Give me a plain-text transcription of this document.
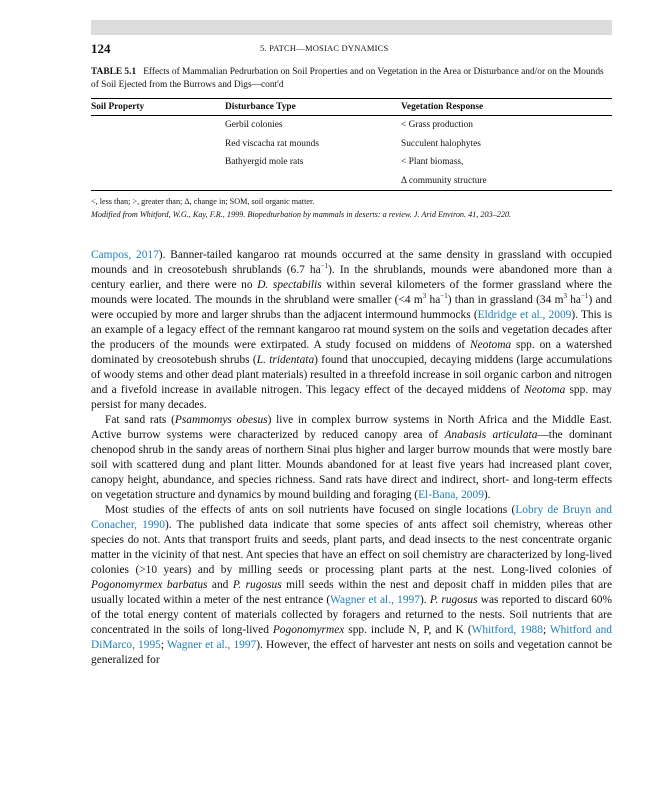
124	5. PATCH—MOSIAC DYNAMICS
TABLE 5.1 Effects of Mammalian Pedrurbation on Soil Properties and on Vegetation in the Area or Disturbance and/or on the Mounds of Soil Ejected from the Burrows and Digs—cont'd
Soil Property	Disturbance Type	Vegetation Response
	Gerbil colonies	< Grass production
	Red viscacha rat mounds	Succulent halophytes
	Bathyergid mole rats	< Plant biomass,
		Δ community structure
<, less than; >, greater than; Δ, change in; SOM, soil organic matter.
Modified from Whitford, W.G., Kay, F.R., 1999. Biopedturbation by mammals in deserts: a review. J. Arid Environ. 41, 203–220.

Campos, 2017). Banner-tailed kangaroo rat mounds occurred at the same density in grassland with occupied mounds and in creosotebush shrublands (6.7 $ha^{-1}$). In the shrublands, mounds were abandoned more than a century earlier, and there were no D. spectabilis within several kilometers of the former grassland where the mounds were located. The mounds in the shrubland were smaller (<4 $m^3$ $ha^{-1}$) than in grassland (34 $m^3$ $ha^{-1}$) and were occupied by more and larger shrubs than the adjacent intermound hummocks (Eldridge et al., 2009). This is an example of a legacy effect of the remnant kangaroo rat mound system on the soils and vegetation decades after the producers of the mounds were extirpated. A study focused on middens of Neotoma spp. on a watershed dominated by creosotebush shrubs (L. tridentata) found that unoccupied, decaying middens (large accumulations of woody stems and other dead plant materials) resulted in a threefold increase in soil organic carbon and nitrogen and a fivefold increase in available nitrogen. This legacy effect of the decayed middens of Neotoma spp. may persist for many decades.

Fat sand rats (Psammomys obesus) live in complex burrow systems in North Africa and the Middle East. Active burrow systems were characterized by reduced canopy area of Anabasis articulata—the dominant chenopod shrub in the sandy areas of northern Sinai plus higher and larger burrow mounds that were mostly bare soil with scattered dung and plant litter. Mounds abandoned for at least five years had increased plant cover, canopy height, abundance, and species richness. Sand rats have direct and indirect, short- and long-term effects on vegetation structure and dynamics by mound building and foraging (El-Bana, 2009).

Most studies of the effects of ants on soil nutrients have focused on single locations (Lobry de Bruyn and Conacher, 1990). The published data indicate that some species of ants affect soil chemistry, whereas other species do not. Ants that transport fruits and seeds, plant parts, and dead insects to the nest concentrate organic matter in the vicinity of that nest. Ant species that have an effect on soil chemistry are characterized by long-lived colonies (>10 years) and by milling seeds or processing plant parts at the nest. Long-lived colonies of Pogonomyrmex barbatus and P. rugosus mill seeds within the nest and deposit chaff in midden piles that are usually located within a meter of the nest entrance (Wagner et al., 1997). P. rugosus was reported to discard 60% of the total energy content of materials collected by foragers and returned to the nests. Soil nutrients that are concentrated in the soils of long-lived Pogonomyrmex spp. include N, P, and K (Whitford, 1988; Whitford and DiMarco, 1995; Wagner et al., 1997). However, the effect of harvester ant nests on soils and vegetation cannot be generalized for
